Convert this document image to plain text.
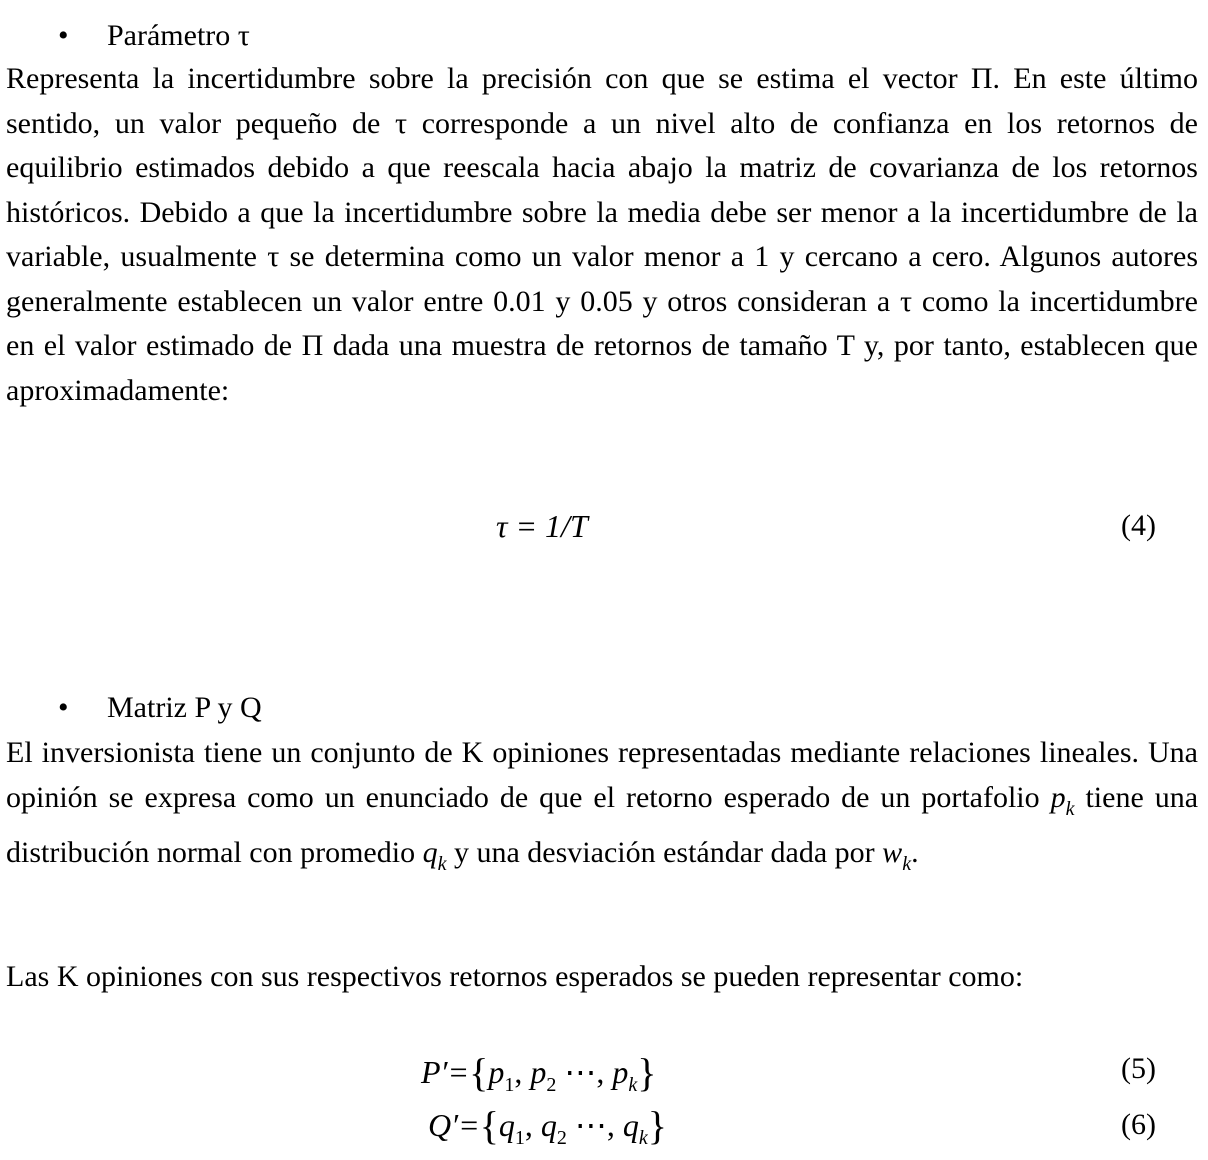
• Parámetro τ
Representa la incertidumbre sobre la precisión con que se estima el vector Π. En este último sentido, un valor pequeño de τ corresponde a un nivel alto de confianza en los retornos de equilibrio estimados debido a que reescala hacia abajo la matriz de covarianza de los retornos históricos. Debido a que la incertidumbre sobre la media debe ser menor a la incertidumbre de la variable, usualmente τ se determina como un valor menor a 1 y cercano a cero. Algunos autores generalmente establecen un valor entre 0.01 y 0.05 y otros consideran a τ como la incertidumbre en el valor estimado de Π dada una muestra de retornos de tamaño T y, por tanto, establecen que aproximadamente:
τ = 1/T	(4)
• Matriz P y Q
El inversionista tiene un conjunto de K opiniones representadas mediante relaciones lineales. Una opinión se expresa como un enunciado de que el retorno esperado de un portafolio $p_k$ tiene una distribución normal con promedio $q_k$ y una desviación estándar dada por $w_k$.
Las K opiniones con sus respectivos retornos esperados se pueden representar como:
$P'=\{p_1$, $p_2$ ⋯, $p_k$}	(5)
$Q'=\{q_1$, $q_2$ ⋯, $q_k$}	(6)
